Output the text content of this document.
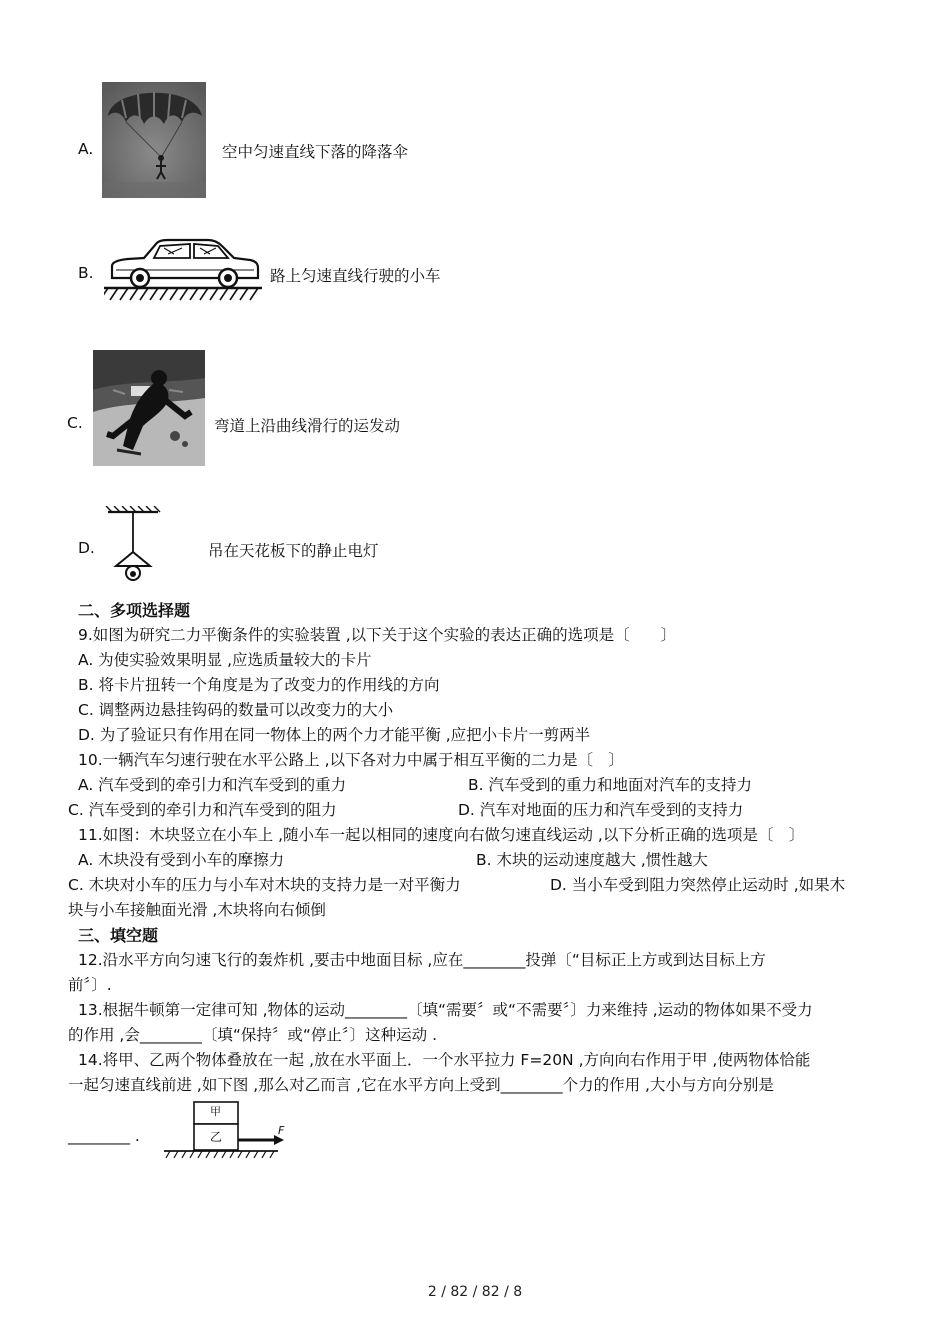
A.	空中匀速直线下落的降落伞
B.	路上匀速直线行驶的小车
C.	弯道上沿曲线滑行的运发动
D.	吊在天花板下的静止电灯
二、多项选择题
9.如图为研究二力平衡条件的实验装置 ,以下关于这个实验的表达正确的选项是〔　　〕
A. 为使实验效果明显 ,应选质量较大的卡片
B. 将卡片扭转一个角度是为了改变力的作用线的方向
C. 调整两边悬挂钩码的数量可以改变力的大小
D. 为了验证只有作用在同一物体上的两个力才能平衡 ,应把小卡片一剪两半
10.一辆汽车匀速行驶在水平公路上 ,以下各对力中属于相互平衡的二力是〔　〕
A. 汽车受到的牵引力和汽车受到的重力	B. 汽车受到的重力和地面对汽车的支持力
C. 汽车受到的牵引力和汽车受到的阻力	D. 汽车对地面的压力和汽车受到的支持力
11.如图：木块竖立在小车上 ,随小车一起以相同的速度向右做匀速直线运动 ,以下分析正确的选项是〔　〕
A. 木块没有受到小车的摩擦力	B. 木块的运动速度越大 ,惯性越大
C. 木块对小车的压力与小车对木块的支持力是一对平衡力	D. 当小车受到阻力突然停止运动时 ,如果木
块与小车接触面光滑 ,木块将向右倾倒
三、填空题
12.沿水平方向匀速飞行的轰炸机 ,要击中地面目标 ,应在________投弹〔“目标正上方或到达目标上方
前〞〕.
13.根据牛顿第一定律可知 ,物体的运动________〔填“需要〞或“不需要〞〕力来维持 ,运动的物体如果不受力
的作用 ,会________〔填“保持〞或“停止〞〕这种运动 .
14.将甲、乙两个物体叠放在一起 ,放在水平面上．一个水平拉力 F=20N ,方向向右作用于甲 ,使两物体恰能
一起匀速直线前进 ,如下图 ,那么对乙而言 ,它在水平方向上受到________个力的作用 ,大小与方向分别是
________ .
甲
乙	F
2 / 82 / 82 / 8
